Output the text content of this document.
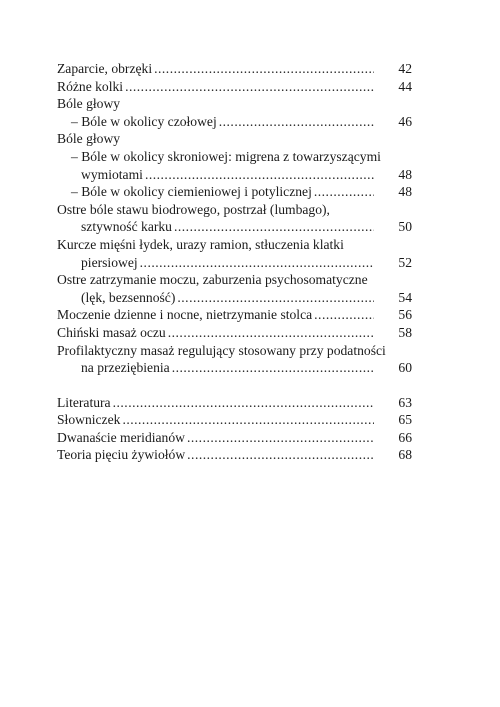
Zaparcie, obrzęki .....	42
Różne kolki .....	44
Bóle głowy
– Bóle w okolicy czołowej .....	46
Bóle głowy
– Bóle w okolicy skroniowej: migrena z towarzyszącymi
wymiotami .....	48
– Bóle w okolicy ciemieniowej i potylicznej .....	48
Ostre bóle stawu biodrowego, postrzał (lumbago),
sztywność karku .....	50
Kurcze mięśni łydek, urazy ramion, stłuczenia klatki
piersiowej .....	52
Ostre zatrzymanie moczu, zaburzenia psychosomatyczne
(lęk, bezsenność) .....	54
Moczenie dzienne i nocne, nietrzymanie stolca .....	56
Chiński masaż oczu .....	58
Profilaktyczny masaż regulujący stosowany przy podatności
na przeziębienia .....	60
Literatura .....	63
Słowniczek .....	65
Dwanaście meridianów .....	66
Teoria pięciu żywiołów .....	68
